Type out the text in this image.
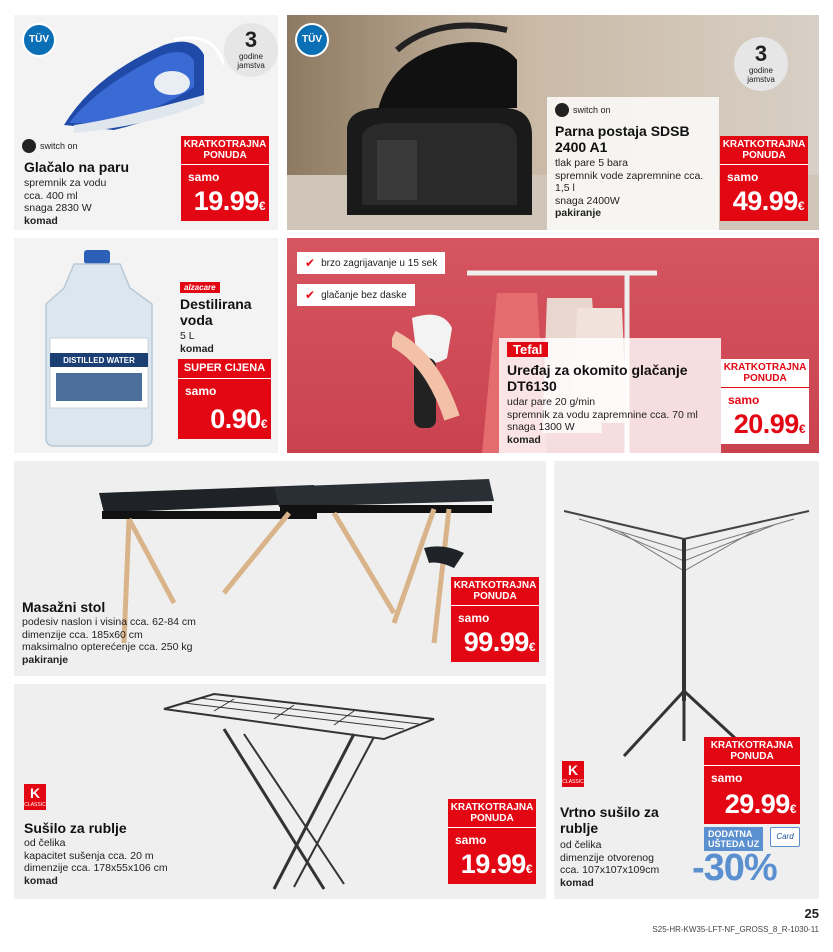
TÜV	3
godine
jamstva
switch on
Glačalo na paru
spremnik za vodu
cca. 400 ml
snaga 2830 W
komad
KRATKOTRAJNA PONUDA
samo
19.99€
TÜV
3
godine
jamstva
switch on
Parna postaja SDSB
2400 A1
tlak pare 5 bara
spremnik vode zapremnine cca.
1,5 l
snaga 2400W
pakiranje
KRATKOTRAJNA PONUDA
samo
49.99€
DISTILLED WATER
alzacare
Destilirana
voda
5 L
komad
SUPER CIJENA
samo
0.90€
✔ brzo zagrijavanje u 15 sek
✔ glačanje bez daske
Tefal
Uređaj za okomito glačanje
DT6130
udar pare 20 g/min
spremnik za vodu zapremnine cca. 70 ml
snaga 1300 W
komad
KRATKOTRAJNA PONUDA
samo
20.99€
Masažni stol
podesiv naslon i visina cca. 62-84 cm
dimenzije cca. 185x60 cm
maksimalno opterećenje cca. 250 kg
pakiranje
KRATKOTRAJNA PONUDA
samo
99.99€
K
CLASSIC
Sušilo za rublje
od čelika
kapacitet sušenja cca. 20 m
dimenzije cca. 178x55x106 cm
komad
KRATKOTRAJNA PONUDA
samo
19.99€
K
CLASSIC
Vrtno sušilo za
rublje
od čelika
dimenzije otvorenog
cca. 107x107x109cm
komad
KRATKOTRAJNA PONUDA
samo
29.99€
DODATNA
UŠTEDA UZ
Card
-30%
25
S25-HR-KW35-LFT-NF_GROSS_8_R-1030-11
